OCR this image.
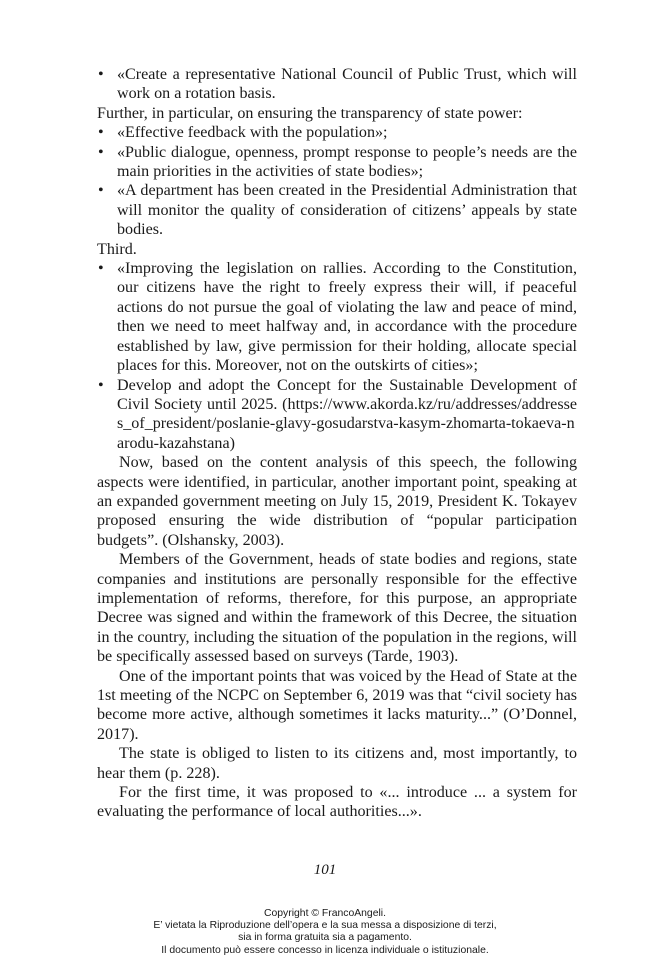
• «Create a representative National Council of Public Trust, which will work on a rotation basis.

Further, in particular, on ensuring the transparency of state power:

• «Effective feedback with the population»;
• «Public dialogue, openness, prompt response to people’s needs are the main priorities in the activities of state bodies»;
• «A department has been created in the Presidential Administration that will monitor the quality of consideration of citizens’ appeals by state bodies.

Third.

• «Improving the legislation on rallies. According to the Constitution, our citizens have the right to freely express their will, if peaceful actions do not pursue the goal of violating the law and peace of mind, then we need to meet halfway and, in accordance with the procedure established by law, give permission for their holding, allocate special places for this. Moreover, not on the outskirts of cities»;
• Develop and adopt the Concept for the Sustainable Development of Civil Society until 2025. (https://www.akorda.kz/ru/addresses/addresses_of_president/poslanie-glavy-gosudarstva-kasym-zhomarta-tokaeva-narodu-kazahstana)

Now, based on the content analysis of this speech, the following aspects were identified, in particular, another important point, speaking at an expanded government meeting on July 15, 2019, President K. Tokayev proposed ensuring the wide distribution of “popular participation budgets”. (Olshansky, 2003).

Members of the Government, heads of state bodies and regions, state companies and institutions are personally responsible for the effective implementation of reforms, therefore, for this purpose, an appropriate Decree was signed and within the framework of this Decree, the situation in the country, including the situation of the population in the regions, will be specifically assessed based on surveys (Tarde, 1903).

One of the important points that was voiced by the Head of State at the 1st meeting of the NCPC on September 6, 2019 was that “civil society has become more active, although sometimes it lacks maturity...” (O’Donnel, 2017).

The state is obliged to listen to its citizens and, most importantly, to hear them (p. 228).

For the first time, it was proposed to «... introduce ... a system for evaluating the performance of local authorities...».

101
Copyright © FrancoAngeli.
E’ vietata la Riproduzione dell’opera e la sua messa a disposizione di terzi,
sia in forma gratuita sia a pagamento.
Il documento può essere concesso in licenza individuale o istituzionale.
